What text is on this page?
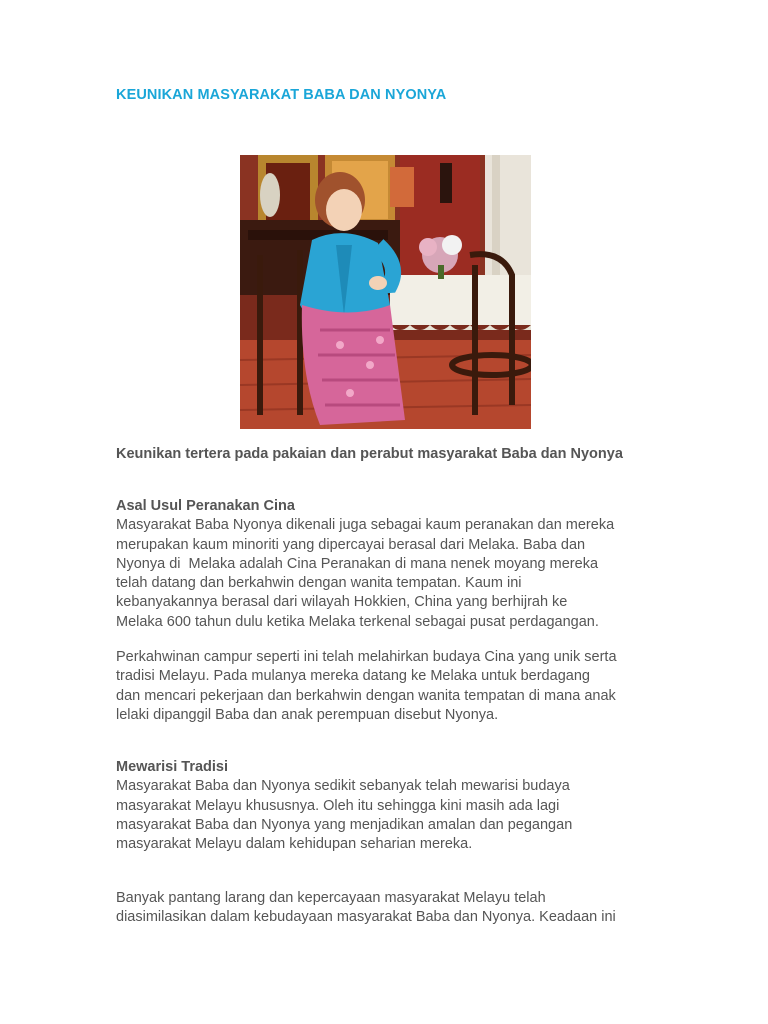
KEUNIKAN MASYARAKAT BABA DAN NYONYA

Keunikan tertera pada pakaian dan perabut masyarakat Baba dan Nyonya

Asal Usul Peranakan Cina

Masyarakat Baba Nyonya dikenali juga sebagai kaum peranakan dan mereka

merupakan kaum minoriti yang dipercayai berasal dari Melaka. Baba dan

Nyonya di  Melaka adalah Cina Peranakan di mana nenek moyang mereka

telah datang dan berkahwin dengan wanita tempatan. Kaum ini

kebanyakannya berasal dari wilayah Hokkien, China yang berhijrah ke

Melaka 600 tahun dulu ketika Melaka terkenal sebagai pusat perdagangan.

Perkahwinan campur seperti ini telah melahirkan budaya Cina yang unik serta

tradisi Melayu. Pada mulanya mereka datang ke Melaka untuk berdagang

dan mencari pekerjaan dan berkahwin dengan wanita tempatan di mana anak

lelaki dipanggil Baba dan anak perempuan disebut Nyonya.

Mewarisi Tradisi

Masyarakat Baba dan Nyonya sedikit sebanyak telah mewarisi budaya

masyarakat Melayu khususnya. Oleh itu sehingga kini masih ada lagi

masyarakat Baba dan Nyonya yang menjadikan amalan dan pegangan

masyarakat Melayu dalam kehidupan seharian mereka.

Banyak pantang larang dan kepercayaan masyarakat Melayu telah

diasimilasikan dalam kebudayaan masyarakat Baba dan Nyonya. Keadaan ini
